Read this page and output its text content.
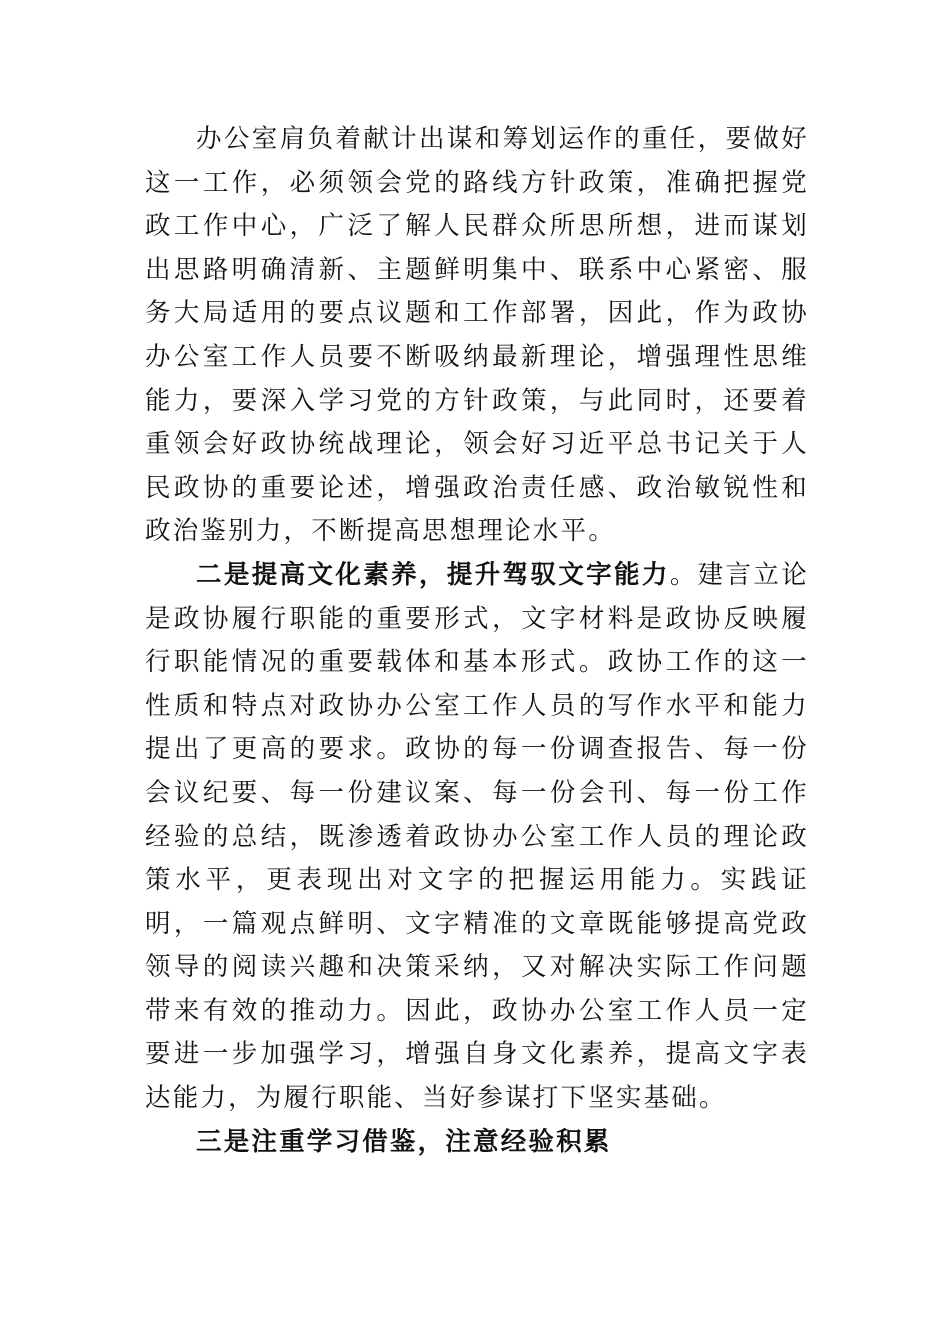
办公室肩负着献计出谋和筹划运作的重任，要做好这一工作，必须领会党的路线方针政策，准确把握党政工作中心，广泛了解人民群众所思所想，进而谋划出思路明确清新、主题鲜明集中、联系中心紧密、服务大局适用的要点议题和工作部署，因此，作为政协办公室工作人员要不断吸纳最新理论，增强理性思维能力，要深入学习党的方针政策，与此同时，还要着重领会好政协统战理论，领会好习近平总书记关于人民政协的重要论述，增强政治责任感、政治敏锐性和政治鉴别力，不断提高思想理论水平。

二是提高文化素养，提升驾驭文字能力。建言立论是政协履行职能的重要形式，文字材料是政协反映履行职能情况的重要载体和基本形式。政协工作的这一性质和特点对政协办公室工作人员的写作水平和能力提出了更高的要求。政协的每一份调查报告、每一份会议纪要、每一份建议案、每一份会刊、每一份工作经验的总结，既渗透着政协办公室工作人员的理论政策水平，更表现出对文字的把握运用能力。实践证明，一篇观点鲜明、文字精准的文章既能够提高党政领导的阅读兴趣和决策采纳，又对解决实际工作问题带来有效的推动力。因此，政协办公室工作人员一定要进一步加强学习，增强自身文化素养，提高文字表达能力，为履行职能、当好参谋打下坚实基础。

三是注重学习借鉴，注意经验积累
